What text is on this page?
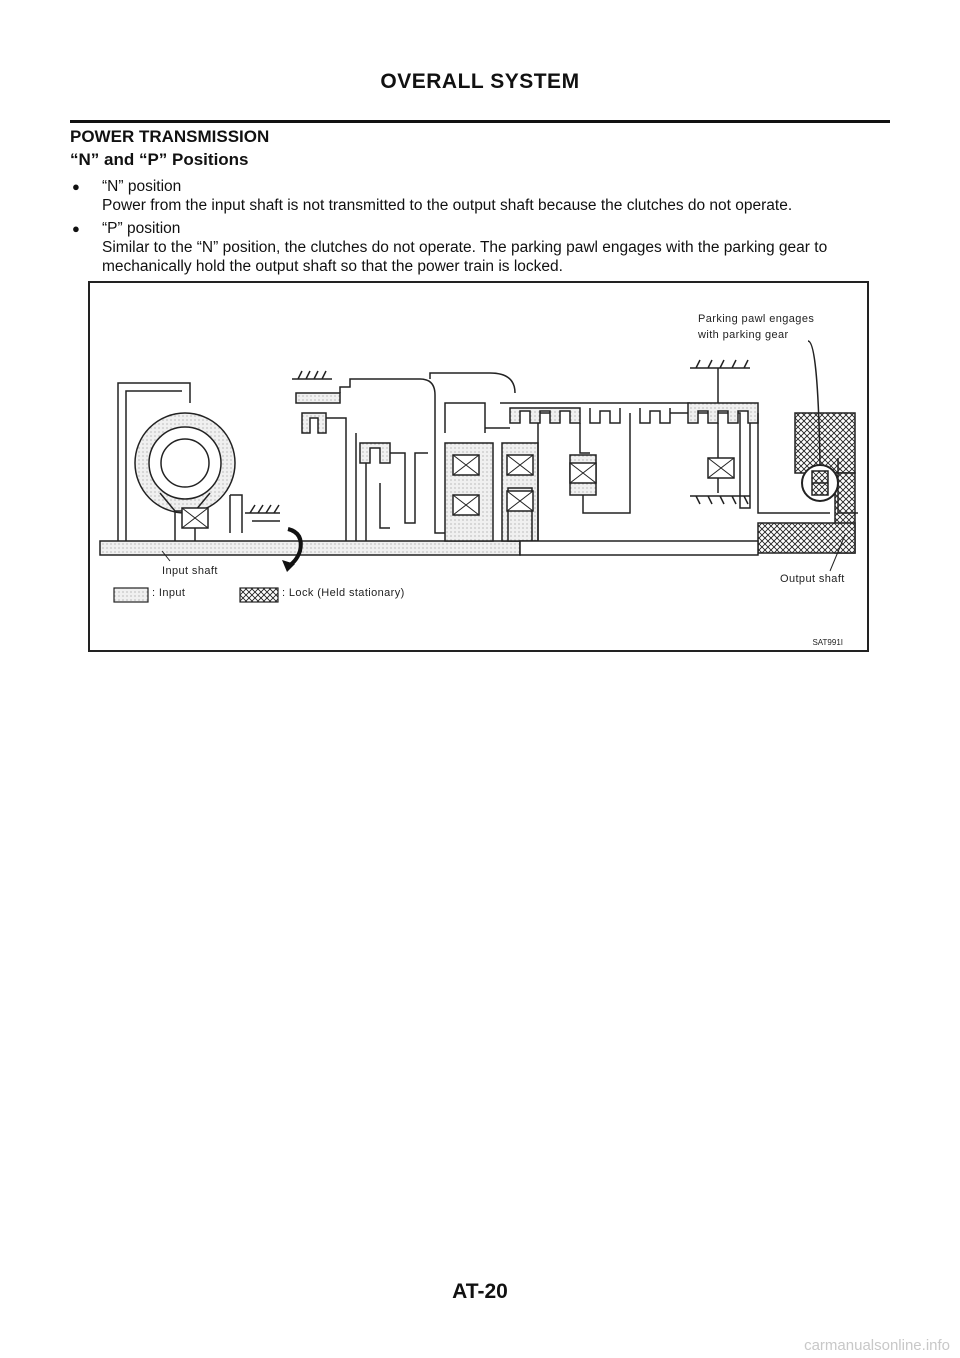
OVERALL SYSTEM
POWER TRANSMISSION
“N” and “P” Positions
● “N” position
Power from the input shaft is not transmitted to the output shaft because the clutches do not operate.
● “P” position
Similar to the “N” position, the clutches do not operate. The parking pawl engages with the parking gear to mechanically hold the output shaft so that the power train is locked.
Parking pawl engages
with parking gear
Input shaft
Output shaft
: Input	: Lock (Held stationary)
SAT991I
AT-20
carmanualsonline.info
